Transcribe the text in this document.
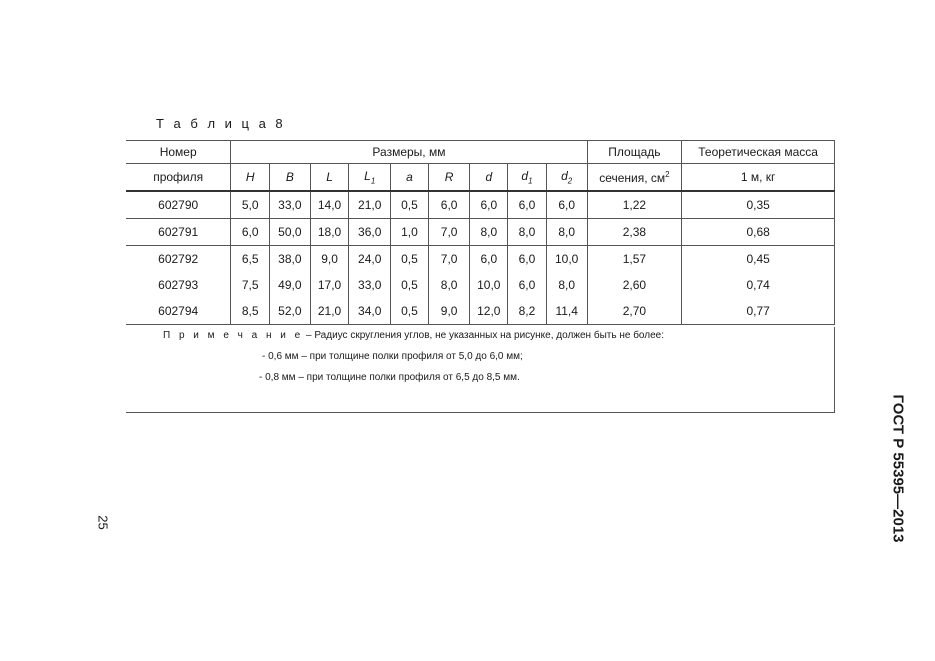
Т а б л и ц а 8
Номер	Размеры, мм									Площадь	Теоретическая масса
профиля	H	B	L	$L_1$	a	R	d	$d_1$	$d_2$	сечения, $см^2$	1 м, кг
602790	5,0	33,0	14,0	21,0	0,5	6,0	6,0	6,0	6,0	1,22	0,35
602791	6,0	50,0	18,0	36,0	1,0	7,0	8,0	8,0	8,0	2,38	0,68
602792	6,5	38,0	9,0	24,0	0,5	7,0	6,0	6,0	10,0	1,57	0,45
602793	7,5	49,0	17,0	33,0	0,5	8,0	10,0	6,0	8,0	2,60	0,74
602794	8,5	52,0	21,0	34,0	0,5	9,0	12,0	8,2	11,4	2,70	0,77
П р и м е ч а н и е – Радиус скругления углов, не указанных на рисунке, должен быть не более:
- 0,6 мм – при толщине полки профиля от 5,0 до 6,0 мм;
- 0,8 мм – при толщине полки профиля от 6,5 до 8,5 мм.
ГОСТ Р 55395—2013
25
